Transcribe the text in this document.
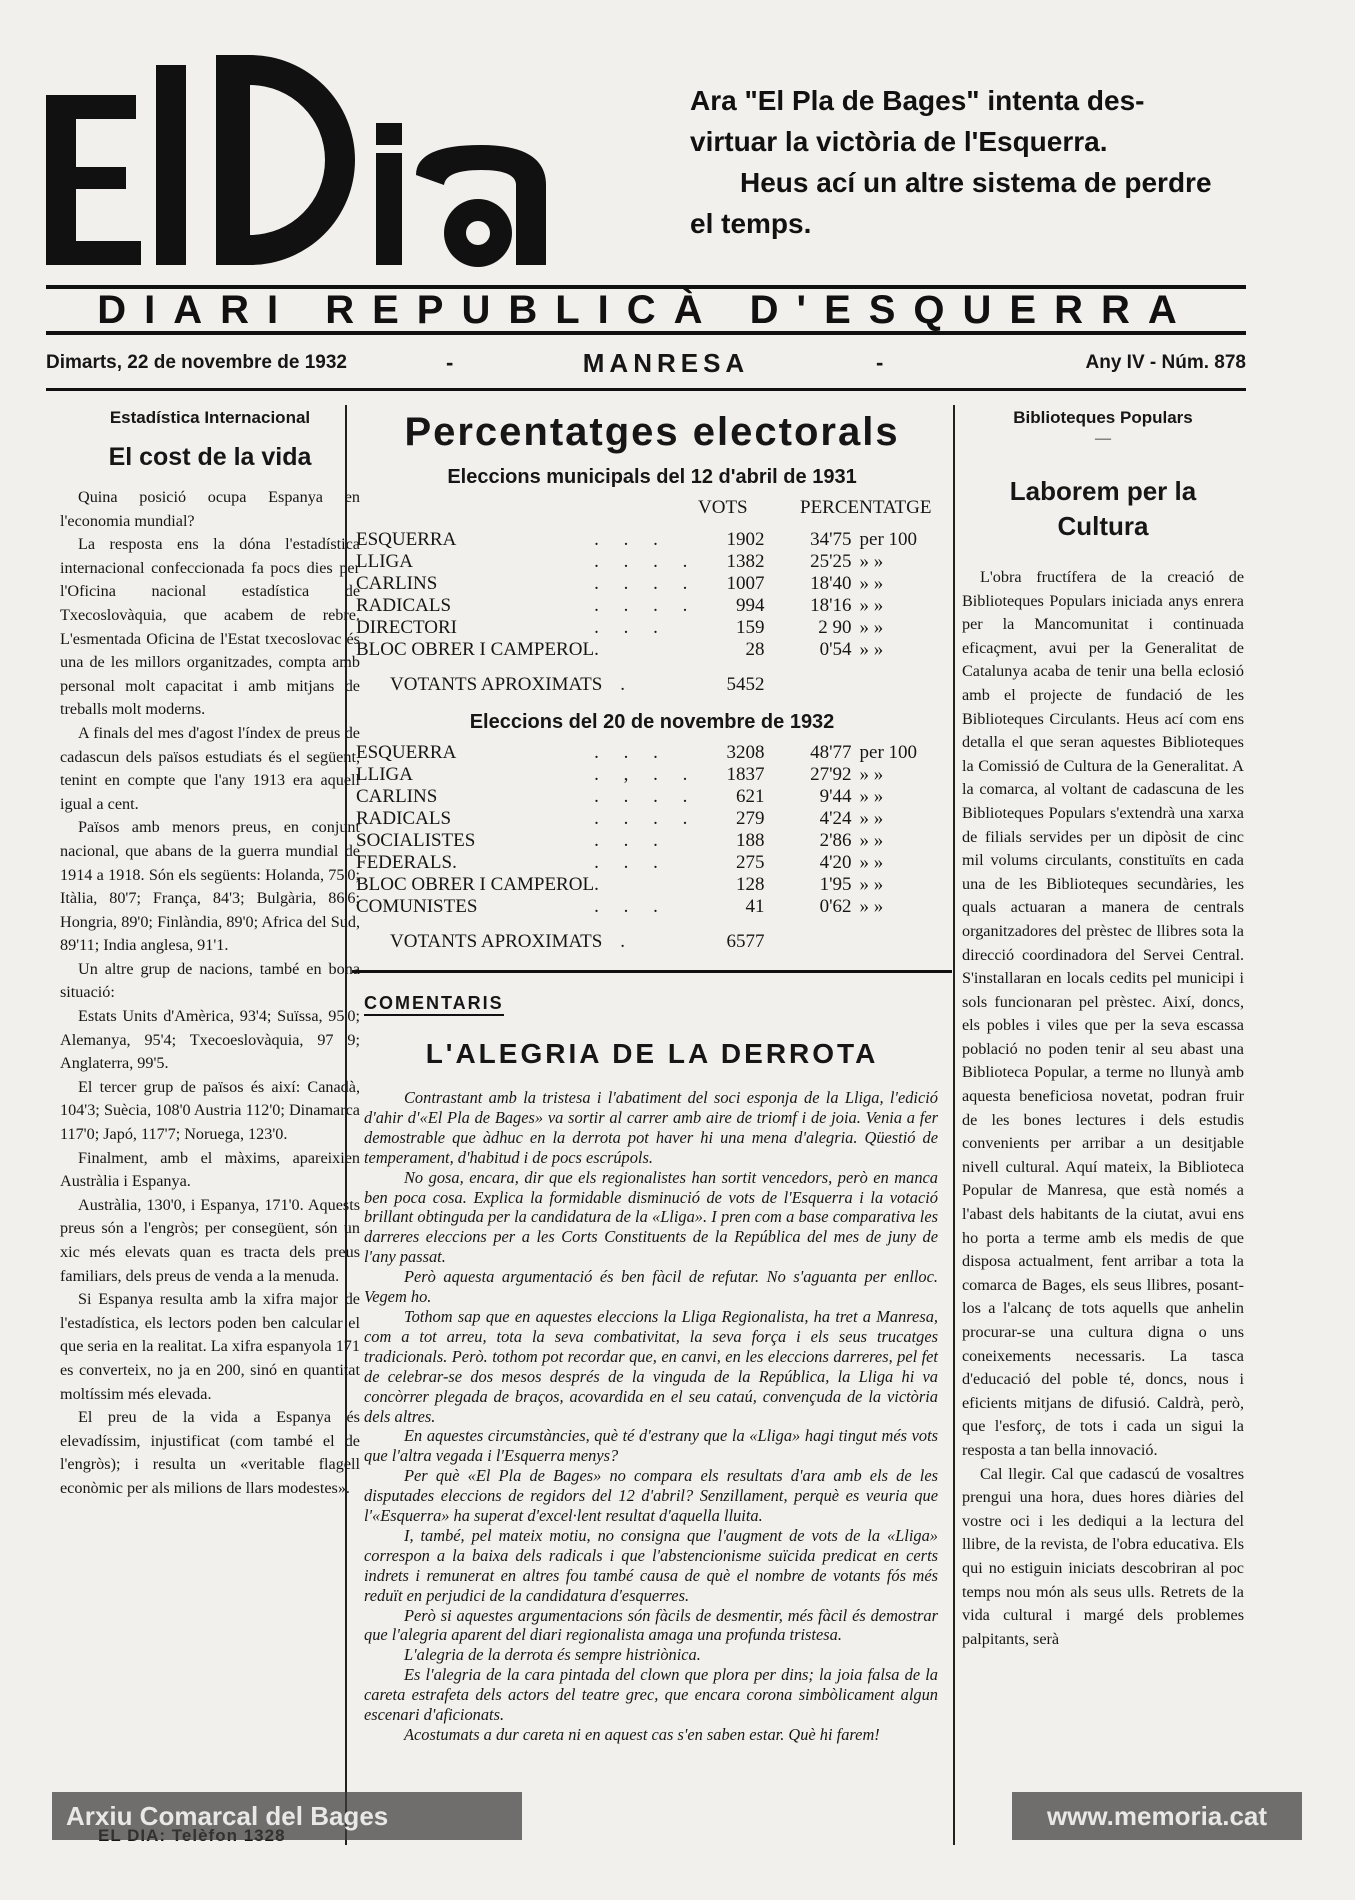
Ara "El Pla de Bages" intenta des-

virtuar la victòria de l'Esquerra.

Heus ací un altre sistema de perdre

el temps.

DIARI REPUBLICÀ D'ESQUERRA
Dimarts, 22 de novembre de 1932	-	MANRESA	-	Any IV - Núm. 878
Estadística Internacional
El cost de la vida

Quina posició ocupa Espanya en l'economia mundial?

La resposta ens la dóna l'estadística internacional confeccionada fa pocs dies per l'Oficina nacional estadística de Txecoslovàquia, que acabem de rebre. L'esmentada Oficina de l'Estat txecoslovac és una de les millors organitzades, compta amb personal molt capacitat i amb mitjans de treballs molt moderns.

A finals del mes d'agost l'índex de preus de cadascun dels països estudiats és el següent, tenint en compte que l'any 1913 era aquell igual a cent.

Països amb menors preus, en conjunt nacional, que abans de la guerra mundial de 1914 a 1918. Són els següents: Holanda, 75'0; Itàlia, 80'7; França, 84'3; Bulgària, 86'6; Hongria, 89'0; Finlàndia, 89'0; Africa del Sud, 89'11; India anglesa, 91'1.

Un altre grup de nacions, també en bona situació:

Estats Units d'Amèrica, 93'4; Suïssa, 95'0; Alemanya, 95'4; Txecoeslovàquia, 97 9; Anglaterra, 99'5.

El tercer grup de països és així: Canadà, 104'3; Suècia, 108'0 Austria 112'0; Dinamarca 117'0; Japó, 117'7; Noruega, 123'0.

Finalment, amb el màxims, apareixien Austràlia i Espanya.

Austràlia, 130'0, i Espanya, 171'0. Aquests preus són a l'engròs; per consegüent, són un xic més elevats quan es tracta dels preus familiars, dels preus de venda a la menuda.

Si Espanya resulta amb la xifra major de l'estadística, els lectors poden ben calcular el que seria en la realitat. La xifra espanyola 171 es converteix, no ja en 200, sinó en quantitat moltíssim més elevada.

El preu de la vida a Espanya és elevadíssim, injustificat (com també el de l'engròs); i resulta un «veritable flagell econòmic per als milions de llars modestes».

Percentatges electorals
Eleccions municipals del 12 d'abril de 1931
VOTS	PERCENTATGE
ESQUERRA	. . .	1902	34'75	per 100
LLIGA	. . . .	1382	25'25	» »
CARLINS	. . . .	1007	18'40	» »
RADICALS	. . . .	994	18'16	» »
DIRECTORI	. . .	159	2 90	» »
BLOC OBRER I CAMPEROL	.	28	0'54	» »
VOTANTS APROXIMATS .		5452		
Eleccions del 20 de novembre de 1932
ESQUERRA	. . .	3208	48'77	per 100
LLIGA	. , . .	1837	27'92	» »
CARLINS	. . . .	621	9'44	» »
RADICALS	. . . .	279	4'24	» »
SOCIALISTES	. . .	188	2'86	» »
FEDERALS.	. . .	275	4'20	» »
BLOC OBRER I CAMPEROL	.	128	1'95	» »
COMUNISTES	. . .	41	0'62	» »
VOTANTS APROXIMATS .		6577		
COMENTARIS
L'ALEGRIA DE LA DERROTA

Contrastant amb la tristesa i l'abatiment del soci esponja de la Lliga, l'edició d'ahir d'«El Pla de Bages» va sortir al carrer amb aire de triomf i de joia. Venia a fer demostrable que àdhuc en la derrota pot haver hi una mena d'alegria. Qüestió de temperament, d'habitud i de pocs escrúpols.

No gosa, encara, dir que els regionalistes han sortit vencedors, però en manca ben poca cosa. Explica la formidable disminució de vots de l'Esquerra i la votació brillant obtinguda per la candidatura de la «Lliga». I pren com a base comparativa les darreres eleccions per a les Corts Constituents de la República del mes de juny de l'any passat.

Però aquesta argumentació és ben fàcil de refutar. No s'aguanta per enlloc. Vegem ho.

Tothom sap que en aquestes eleccions la Lliga Regionalista, ha tret a Manresa, com a tot arreu, tota la seva combativitat, la seva força i els seus trucatges tradicionals. Però. tothom pot recordar que, en canvi, en les eleccions darreres, pel fet de celebrar-se dos mesos després de la vinguda de la República, la Lliga hi va concòrrer plegada de braços, acovardida en el seu cataú, convençuda de la victòria dels altres.

En aquestes circumstàncies, què té d'estrany que la «Lliga» hagi tingut més vots que l'altra vegada i l'Esquerra menys?

Per què «El Pla de Bages» no compara els resultats d'ara amb els de les disputades eleccions de regidors del 12 d'abril? Senzillament, perquè es veuria que l'«Esquerra» ha superat d'excel·lent resultat d'aquella lluita.

I, també, pel mateix motiu, no consigna que l'augment de vots de la «Lliga» correspon a la baixa dels radicals i que l'abstencionisme suïcida predicat en certs indrets i remunerat en altres fou també causa de què el nombre de votants fós més reduït en perjudici de la candidatura d'esquerres.

Però si aquestes argumentacions són fàcils de desmentir, més fàcil és demostrar que l'alegria aparent del diari regionalista amaga una profunda tristesa.

L'alegria de la derrota és sempre histriònica.

Es l'alegria de la cara pintada del clown que plora per dins; la joia falsa de la careta estrafeta dels actors del teatre grec, que encara corona simbòlicament algun escenari d'aficionats.

Acostumats a dur careta ni en aquest cas s'en saben estar. Què hi farem!

Biblioteques Populars
—
Laborem per la Cultura

L'obra fructífera de la creació de Biblioteques Populars iniciada anys enrera per la Mancomunitat i continuada eficaçment, avui per la Generalitat de Catalunya acaba de tenir una bella eclosió amb el projecte de fundació de les Biblioteques Circulants. Heus ací com ens detalla el que seran aquestes Biblioteques la Comissió de Cultura de la Generalitat. A la comarca, al voltant de cadascuna de les Biblioteques Populars s'extendrà una xarxa de filials servides per un dipòsit de cinc mil volums circulants, constituïts en cada una de les Biblioteques secundàries, les quals actuaran a manera de centrals organitzadores del prèstec de llibres sota la direcció coordinadora del Servei Central. S'installaran en locals cedits pel municipi i sols funcionaran pel prèstec. Així, doncs, els pobles i viles que per la seva escassa població no poden tenir al seu abast una Biblioteca Popular, a terme no llunyà amb aquesta beneficiosa novetat, podran fruir de les bones lectures i dels estudis convenients per arribar a un desitjable nivell cultural. Aquí mateix, la Biblioteca Popular de Manresa, que està només a l'abast dels habitants de la ciutat, avui ens ho porta a terme amb els medis de que disposa actualment, fent arribar a tota la comarca de Bages, els seus llibres, posant-los a l'alcanç de tots aquells que anhelin procurar-se una cultura digna o uns coneixements necessaris. La tasca d'educació del poble té, doncs, nous i eficients mitjans de difusió. Caldrà, però, que l'esforç, de tots i cada un sigui la resposta a tan bella innovació.

Cal llegir. Cal que cadascú de vosaltres prengui una hora, dues hores diàries del vostre oci i les dediqui a la lectura del llibre, de la revista, de l'obra educativa. Els qui no estiguin iniciats descobriran al poc temps nou món als seus ulls. Retrets de la vida cultural i margé dels problemes palpitants, serà

Arxiu Comarcal del Bages	www.memoria.cat
